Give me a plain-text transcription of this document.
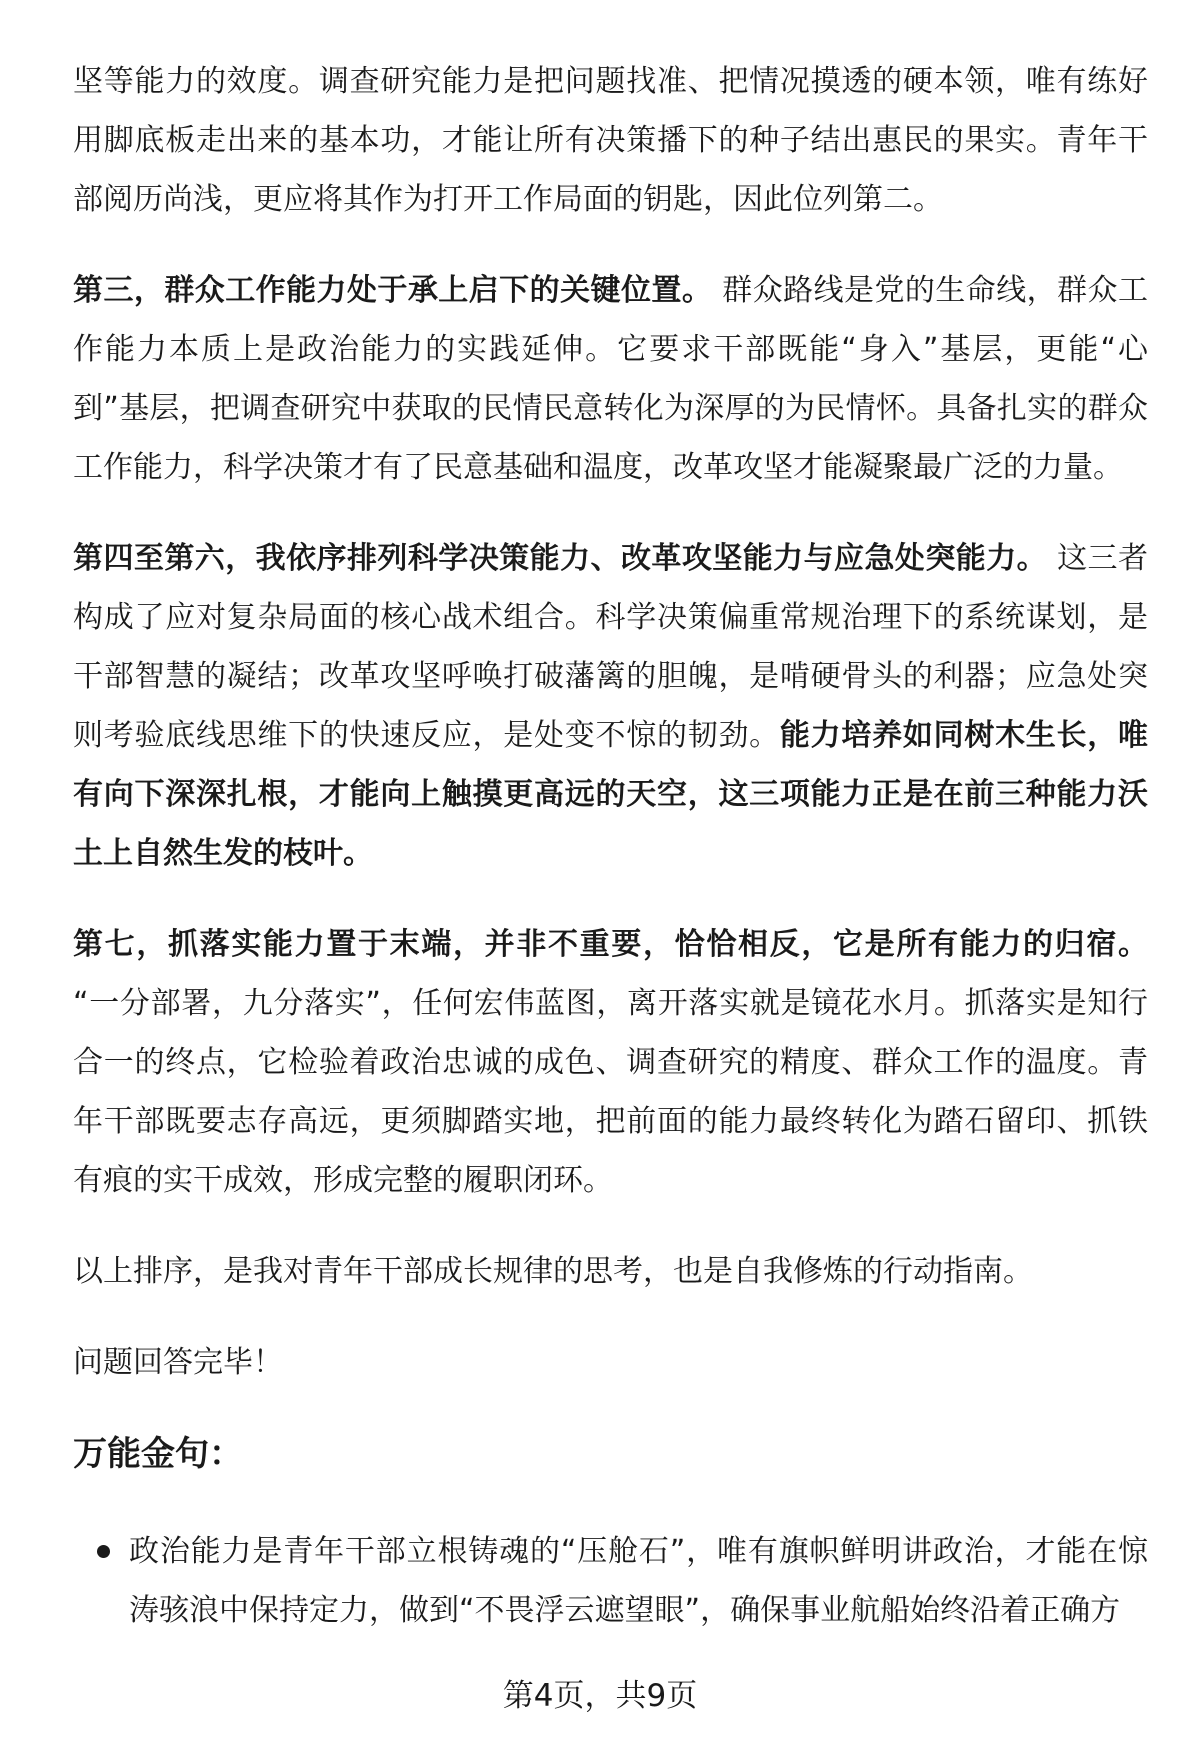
坚等能力的效度。调查研究能力是把问题找准、把情况摸透的硬本领，唯有练好用脚底板走出来的基本功，才能让所有决策播下的种子结出惠民的果实。青年干部阅历尚浅，更应将其作为打开工作局面的钥匙，因此位列第二。

第三，群众工作能力处于承上启下的关键位置。 群众路线是党的生命线，群众工作能力本质上是政治能力的实践延伸。它要求干部既能“身入”基层，更能“心到”基层，把调查研究中获取的民情民意转化为深厚的为民情怀。具备扎实的群众工作能力，科学决策才有了民意基础和温度，改革攻坚才能凝聚最广泛的力量。

第四至第六，我依序排列科学决策能力、改革攻坚能力与应急处突能力。 这三者构成了应对复杂局面的核心战术组合。科学决策偏重常规治理下的系统谋划，是干部智慧的凝结；改革攻坚呼唤打破藩篱的胆魄，是啃硬骨头的利器；应急处突则考验底线思维下的快速反应，是处变不惊的韧劲。能力培养如同树木生长，唯有向下深深扎根，才能向上触摸更高远的天空，这三项能力正是在前三种能力沃土上自然生发的枝叶。

第七，抓落实能力置于末端，并非不重要，恰恰相反，它是所有能力的归宿。 “一分部署，九分落实”，任何宏伟蓝图，离开落实就是镜花水月。抓落实是知行合一的终点，它检验着政治忠诚的成色、调查研究的精度、群众工作的温度。青年干部既要志存高远，更须脚踏实地，把前面的能力最终转化为踏石留印、抓铁有痕的实干成效，形成完整的履职闭环。

以上排序，是我对青年干部成长规律的思考，也是自我修炼的行动指南。

问题回答完毕！

万能金句：
政治能力是青年干部立根铸魂的“压舱石”，唯有旗帜鲜明讲政治，才能在惊涛骇浪中保持定力，做到“不畏浮云遮望眼”，确保事业航船始终沿着正确方
第4页，共9页
